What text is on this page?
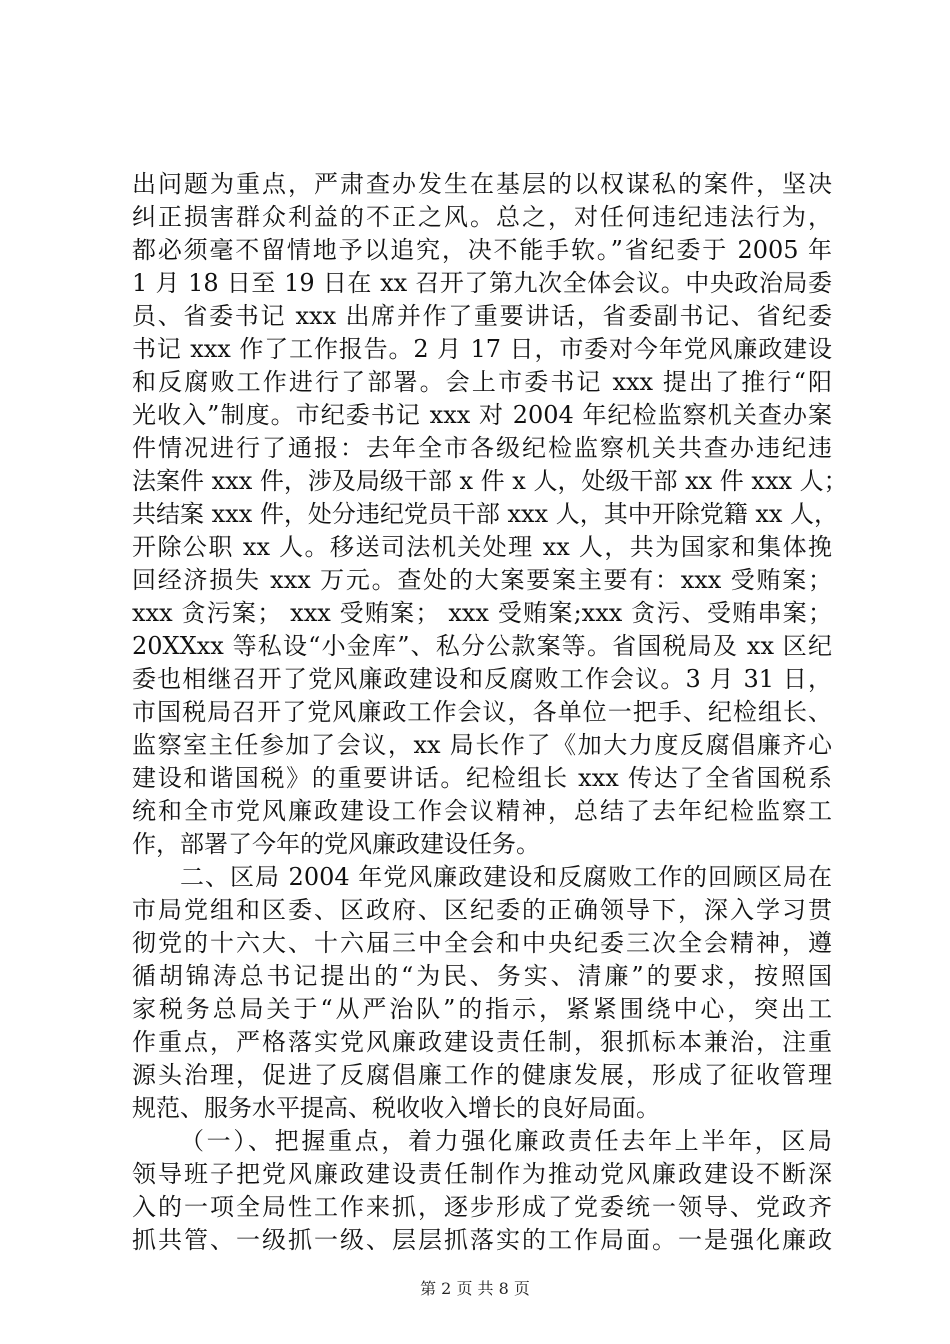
出问题为重点，严肃查办发生在基层的以权谋私的案件，坚决
纠正损害群众利益的不正之风。总之，对任何违纪违法行为，
都必须毫不留情地予以追究，决不能手软。”省纪委于 2005 年
1 月 18 日至 19 日在 xx 召开了第九次全体会议。中央政治局委
员、省委书记 xxx 出席并作了重要讲话，省委副书记、省纪委
书记 xxx 作了工作报告。2 月 17 日，市委对今年党风廉政建设
和反腐败工作进行了部署。会上市委书记 xxx 提出了推行“阳
光收入”制度。市纪委书记 xxx 对 2004 年纪检监察机关查办案
件情况进行了通报：去年全市各级纪检监察机关共查办违纪违
法案件 xxx 件，涉及局级干部 x 件 x 人，处级干部 xx 件 xxx 人；
共结案 xxx 件，处分违纪党员干部 xxx 人，其中开除党籍 xx 人，
开除公职 xx 人。移送司法机关处理 xx 人，共为国家和集体挽
回经济损失 xxx 万元。查处的大案要案主要有：xxx 受贿案；
xxx 贪污案； xxx 受贿案； xxx 受贿案;xxx 贪污、受贿串案；
20XXxx 等私设“小金库”、私分公款案等。省国税局及 xx 区纪
委也相继召开了党风廉政建设和反腐败工作会议。3 月 31 日，
市国税局召开了党风廉政工作会议，各单位一把手、纪检组长、
监察室主任参加了会议，xx 局长作了《加大力度反腐倡廉齐心
建设和谐国税》的重要讲话。纪检组长 xxx 传达了全省国税系
统和全市党风廉政建设工作会议精神，总结了去年纪检监察工
作，部署了今年的党风廉政建设任务。
二、区局 2004 年党风廉政建设和反腐败工作的回顾区局在
市局党组和区委、区政府、区纪委的正确领导下，深入学习贯
彻党的十六大、十六届三中全会和中央纪委三次全会精神，遵
循胡锦涛总书记提出的“为民、务实、清廉”的要求，按照国
家税务总局关于“从严治队”的指示，紧紧围绕中心，突出工
作重点，严格落实党风廉政建设责任制，狠抓标本兼治，注重
源头治理，促进了反腐倡廉工作的健康发展，形成了征收管理
规范、服务水平提高、税收收入增长的良好局面。
（一）、把握重点，着力强化廉政责任去年上半年，区局
领导班子把党风廉政建设责任制作为推动党风廉政建设不断深
入的一项全局性工作来抓，逐步形成了党委统一领导、党政齐
抓共管、一级抓一级、层层抓落实的工作局面。一是强化廉政
第 2 页 共 8 页
